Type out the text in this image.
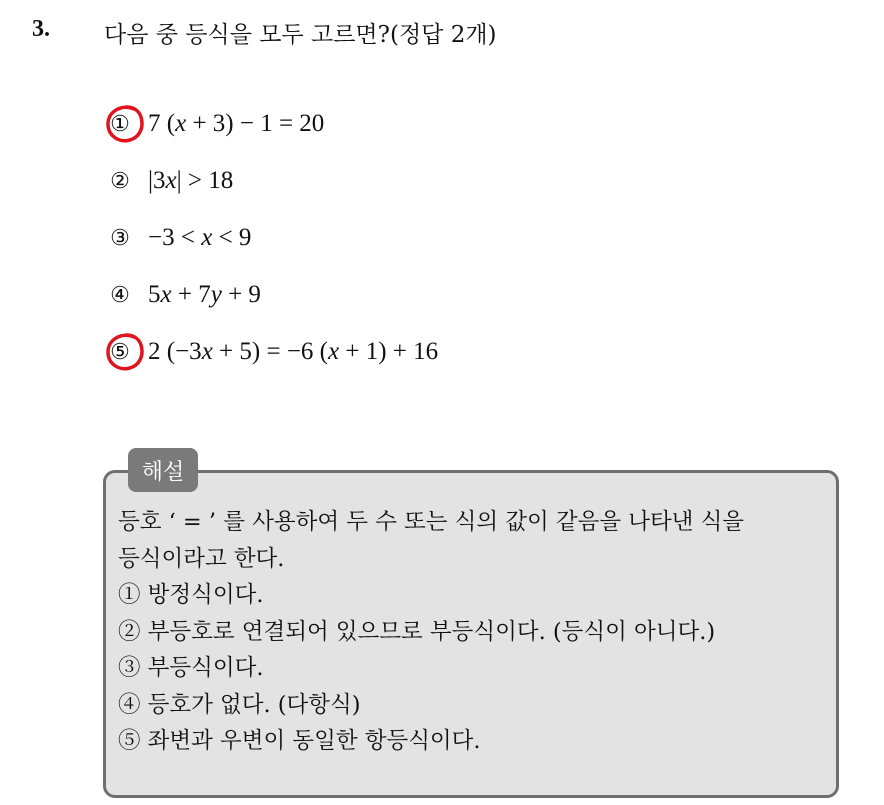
3. 다음 중 등식을 모두 고르면?(정답 2개)
① 7 (x + 3) − 1 = 20
② |3x| > 18
③ −3 < x < 9
④ 5x + 7y + 9
⑤ 2 (−3x + 5) = −6 (x + 1) + 16
해설
등호 ‘ = ’ 를 사용하여 두 수 또는 식의 값이 같음을 나타낸 식을
등식이라고 한다.
① 방정식이다.
② 부등호로 연결되어 있으므로 부등식이다. (등식이 아니다.)
③ 부등식이다.
④ 등호가 없다. (다항식)
⑤ 좌변과 우변이 동일한 항등식이다.
